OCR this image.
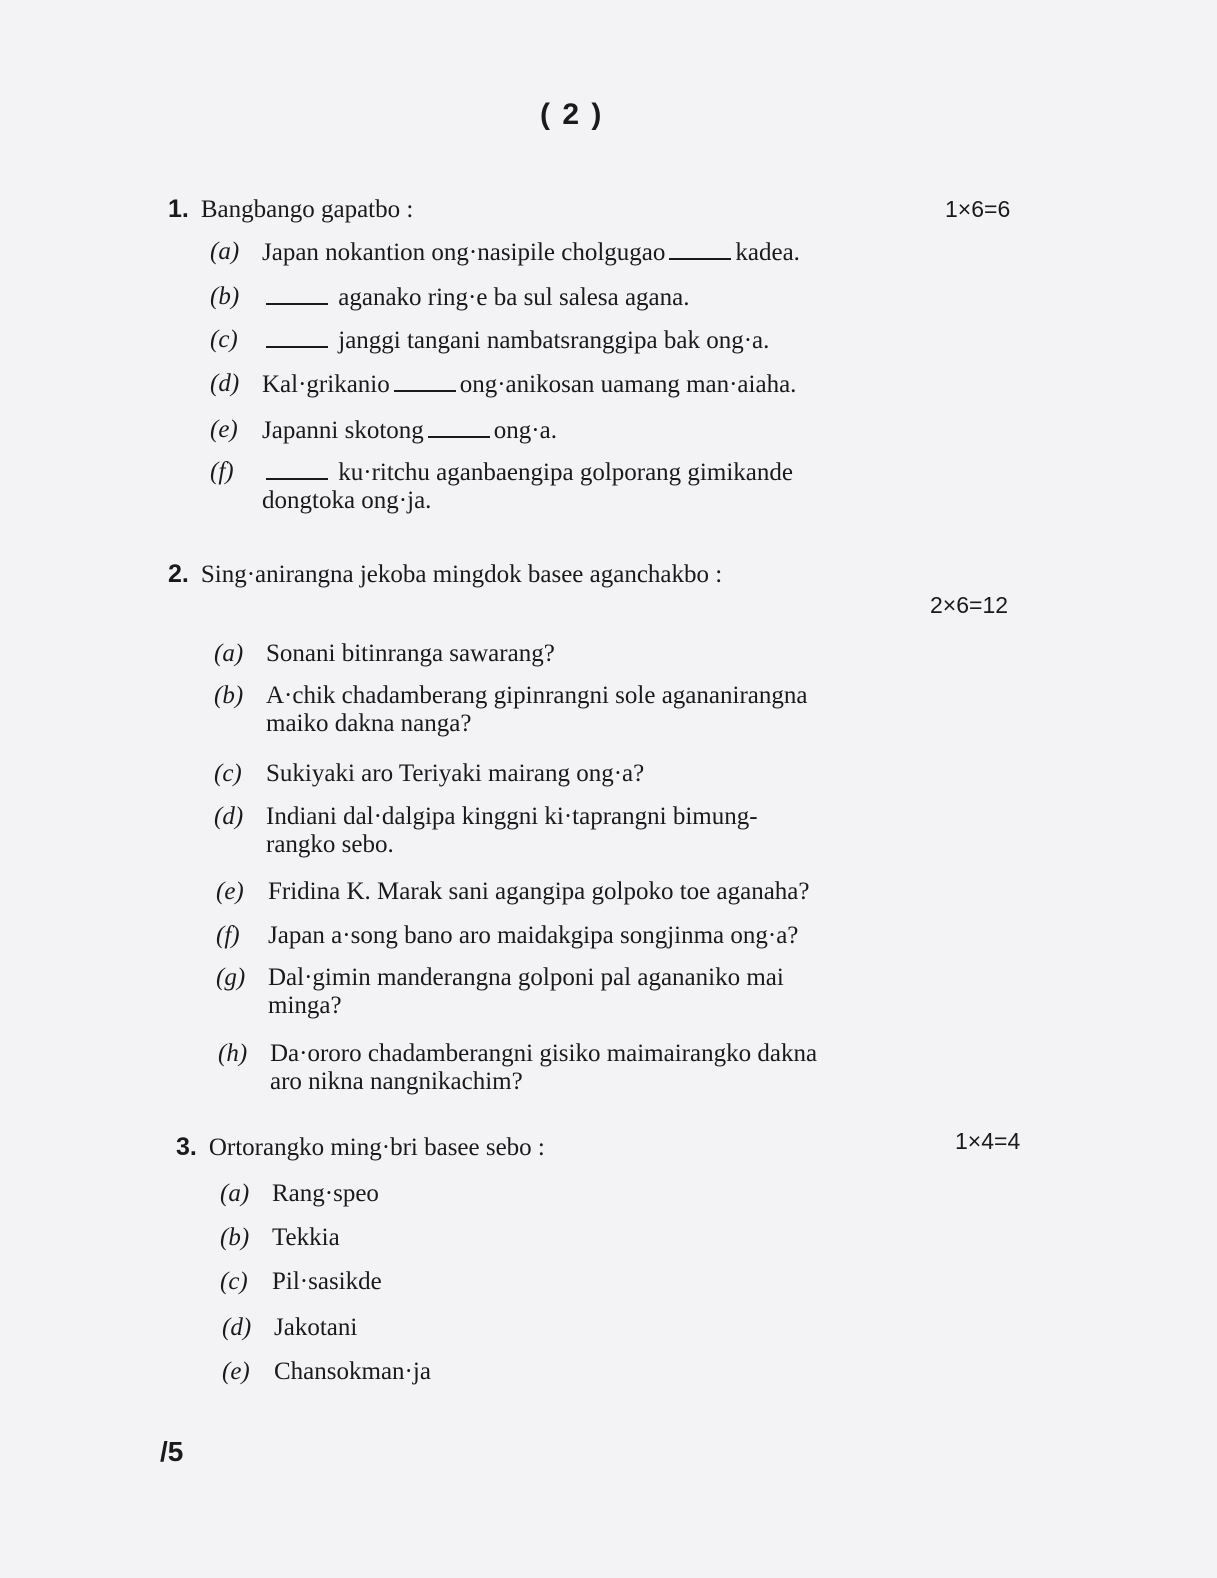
( 2 )
1. Bangbango gapatbo :	1×6=6
(a) Japan nokantion ong·nasipile cholgugao	kadea.
(b)	aganako ring·e ba sul salesa agana.
(c)	janggi tangani nambatsranggipa bak ong·a.
(d) Kal·grikanio	ong·anikosan uamang man·aiaha.
(e) Japanni skotong	ong·a.
(f)	ku·ritchu aganbaengipa golporang gimikande
dongtoka ong·ja.
2. Sing·anirangna jekoba mingdok basee aganchakbo :
2×6=12
(a) Sonani bitinranga sawarang?
(b) A·chik chadamberang gipinrangni sole agananirangna
maiko dakna nanga?
(c) Sukiyaki aro Teriyaki mairang ong·a?
(d) Indiani dal·dalgipa kinggni ki·taprangni bimung-
rangko sebo.
(e) Fridina K. Marak sani agangipa golpoko toe aganaha?
(f)	Japan a·song bano aro maidakgipa songjinma ong·a?
(g) Dal·gimin manderangna golponi pal agananiko mai
minga?
(h) Da·ororo chadamberangni gisiko maimairangko dakna
aro nikna nangnikachim?
3. Ortorangko ming·bri basee sebo :	1×4=4
(a) Rang·speo
(b) Tekkia
(c) Pil·sasikde
(d) Jakotani
(e) Chansokman·ja
/5
